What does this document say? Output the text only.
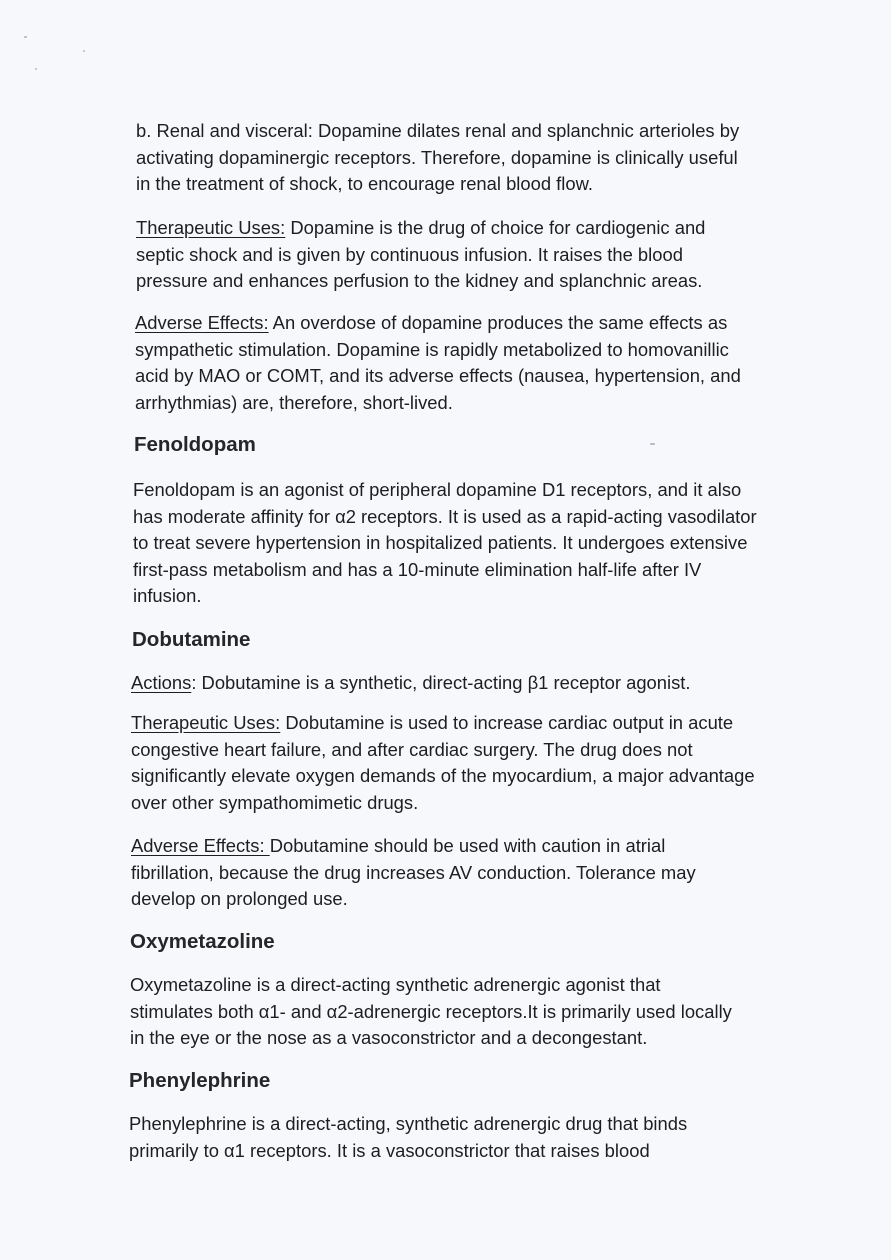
b. Renal and visceral: Dopamine dilates renal and splanchnic arterioles by activating dopaminergic receptors. Therefore, dopamine is clinically useful in the treatment of shock, to encourage renal blood flow.

Therapeutic Uses: Dopamine is the drug of choice for cardiogenic and septic shock and is given by continuous infusion. It raises the blood pressure and enhances perfusion to the kidney and splanchnic areas.

Adverse Effects: An overdose of dopamine produces the same effects as sympathetic stimulation. Dopamine is rapidly metabolized to homovanillic acid by MAO or COMT, and its adverse effects (nausea, hypertension, and arrhythmias) are, therefore, short-lived.

Fenoldopam

Fenoldopam is an agonist of peripheral dopamine D1 receptors, and it also has moderate affinity for α2 receptors. It is used as a rapid-acting vasodilator to treat severe hypertension in hospitalized patients. It undergoes extensive first-pass metabolism and has a 10-minute elimination half-life after IV infusion.

Dobutamine

Actions: Dobutamine is a synthetic, direct-acting β1 receptor agonist.

Therapeutic Uses: Dobutamine is used to increase cardiac output in acute congestive heart failure, and after cardiac surgery. The drug does not significantly elevate oxygen demands of the myocardium, a major advantage over other sympathomimetic drugs.

Adverse Effects: Dobutamine should be used with caution in atrial fibrillation, because the drug increases AV conduction. Tolerance may develop on prolonged use.

Oxymetazoline

Oxymetazoline is a direct-acting synthetic adrenergic agonist that stimulates both α1- and α2-adrenergic receptors.It is primarily used locally in the eye or the nose as a vasoconstrictor and a decongestant.

Phenylephrine

Phenylephrine is a direct-acting, synthetic adrenergic drug that binds primarily to α1 receptors. It is a vasoconstrictor that raises blood
